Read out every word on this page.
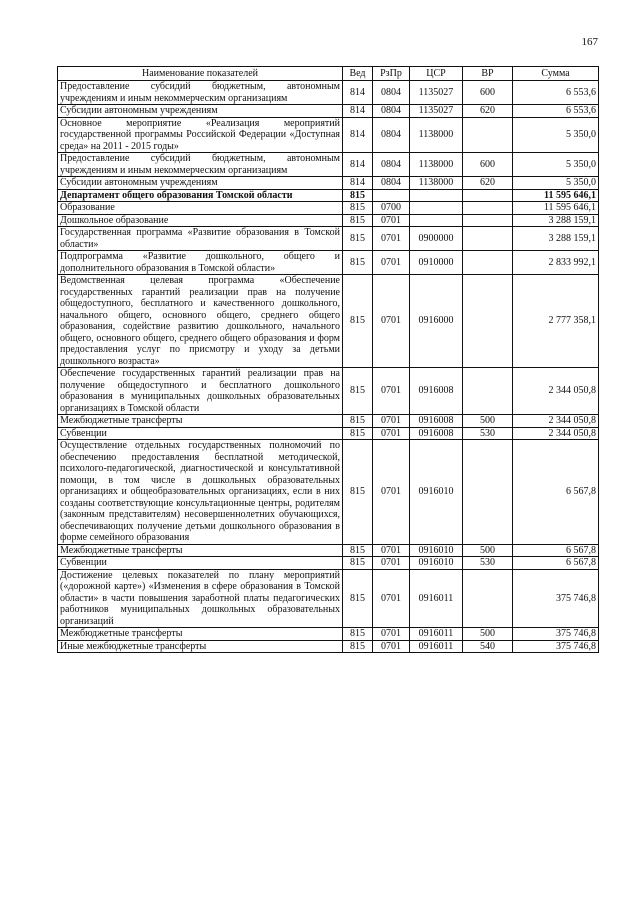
167
Наименование показателей	Вед	РзПр	ЦСР	ВР	Сумма
Предоставление субсидий бюджетным, автономным учреждениям и иным некоммерческим организациям	814	0804	1135027	600	6 553,6
Субсидии автономным учреждениям	814	0804	1135027	620	6 553,6
Основное мероприятие «Реализация мероприятий государственной программы Российской Федерации «Доступная среда» на 2011 - 2015 годы»	814	0804	1138000		5 350,0
Предоставление субсидий бюджетным, автономным учреждениям и иным некоммерческим организациям	814	0804	1138000	600	5 350,0
Субсидии автономным учреждениям	814	0804	1138000	620	5 350,0
Департамент общего образования Томской области	815				11 595 646,1
Образование	815	0700			11 595 646,1
Дошкольное образование	815	0701			3 288 159,1
Государственная программа «Развитие образования в Томской области»	815	0701	0900000		3 288 159,1
Подпрограмма «Развитие дошкольного, общего и дополнительного образования в Томской области»	815	0701	0910000		2 833 992,1
Ведомственная целевая программа «Обеспечение государственных гарантий реализации прав на получение общедоступного, бесплатного и качественного дошкольного, начального общего, основного общего, среднего общего образования, содействие развитию дошкольного, начального общего, основного общего, среднего общего образования и форм предоставления услуг по присмотру и уходу за детьми дошкольного возраста»	815	0701	0916000		2 777 358,1
Обеспечение государственных гарантий реализации прав на получение общедоступного и бесплатного дошкольного образования в муниципальных дошкольных образовательных организациях в Томской области	815	0701	0916008		2 344 050,8
Межбюджетные трансферты	815	0701	0916008	500	2 344 050,8
Субвенции	815	0701	0916008	530	2 344 050,8
Осуществление отдельных государственных полномочий по обеспечению предоставления бесплатной методической, психолого-педагогической, диагностической и консультативной помощи, в том числе в дошкольных образовательных организациях и общеобразовательных организациях, если в них созданы соответствующие консультационные центры, родителям (законным представителям) несовершеннолетних обучающихся, обеспечивающих получение детьми дошкольного образования в форме семейного образования	815	0701	0916010		6 567,8
Межбюджетные трансферты	815	0701	0916010	500	6 567,8
Субвенции	815	0701	0916010	530	6 567,8
Достижение целевых показателей по плану мероприятий («дорожной карте») «Изменения в сфере образования в Томской области» в части повышения заработной платы педагогических работников муниципальных дошкольных образовательных организаций	815	0701	0916011		375 746,8
Межбюджетные трансферты	815	0701	0916011	500	375 746,8
Иные межбюджетные трансферты	815	0701	0916011	540	375 746,8
